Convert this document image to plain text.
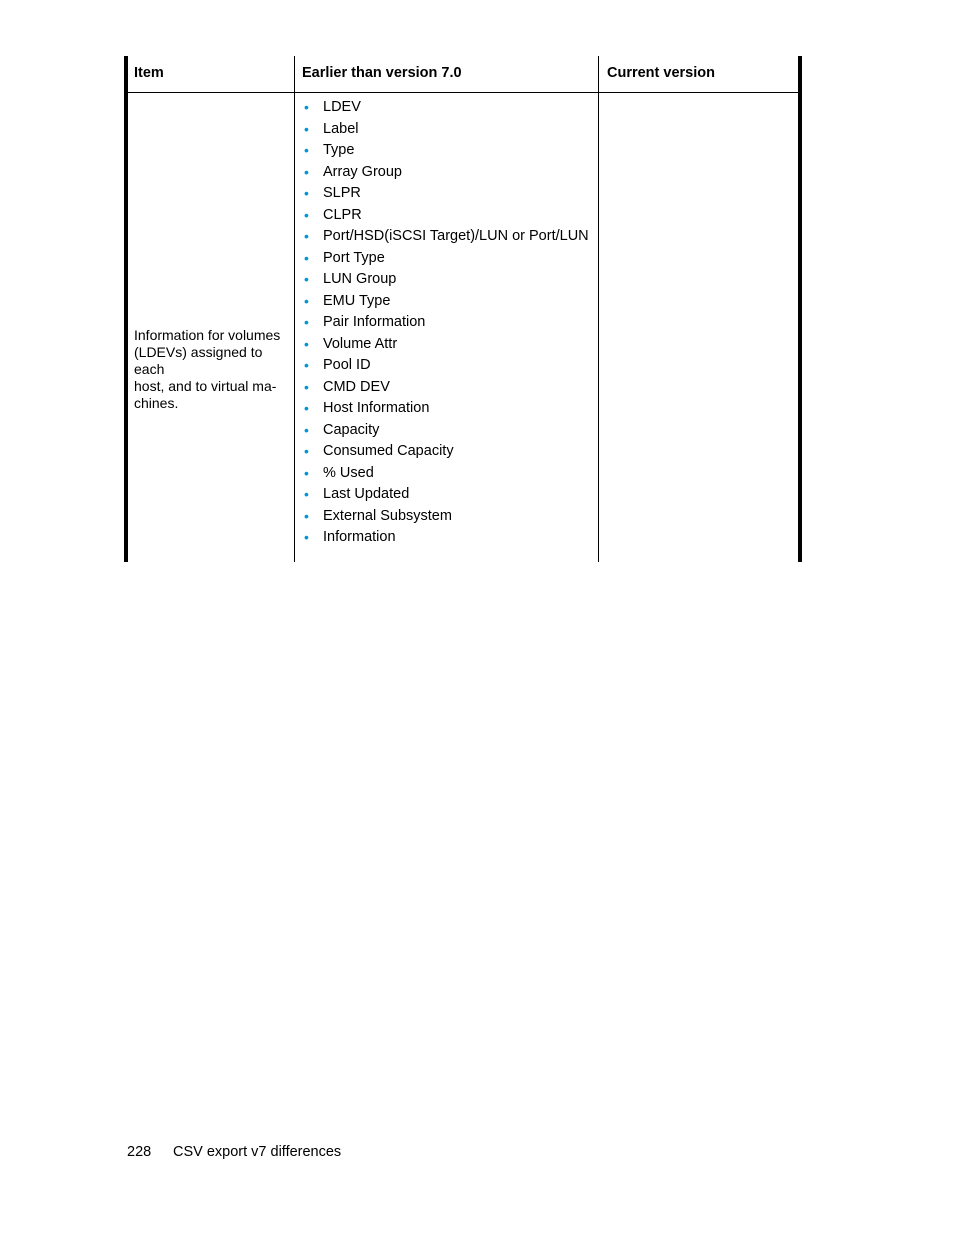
Item	Earlier than version 7.0	Current version
Information for volumes
(LDEVs) assigned to each
host, and to virtual ma-
chines.
• LDEV
• Label
• Type
• Array Group
• SLPR
• CLPR
• Port/HSD(iSCSI Target)/LUN or Port/LUN
• Port Type
• LUN Group
• EMU Type
• Pair Information
• Volume Attr
• Pool ID
• CMD DEV
• Host Information
• Capacity
• Consumed Capacity
• % Used
• Last Updated
• External Subsystem
• Information
228 CSV export v7 differences
